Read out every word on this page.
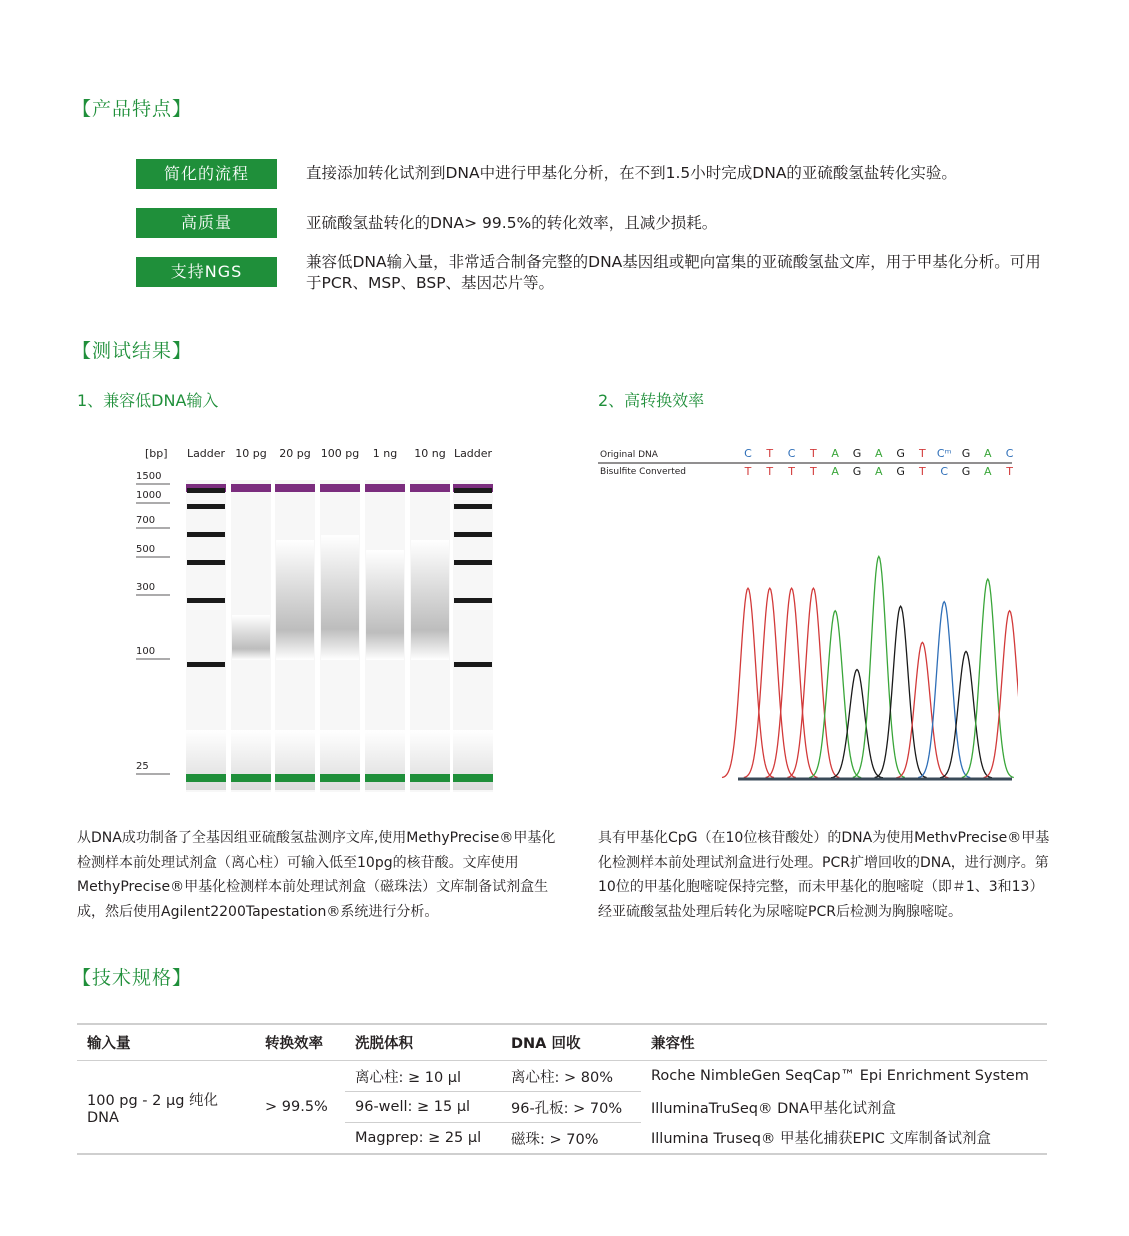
【产品特点】
简化的流程	直接添加转化试剂到DNA中进行甲基化分析，在不到1.5小时完成DNA的亚硫酸氢盐转化实验。
高质量	亚硫酸氢盐转化的DNA> 99.5%的转化效率，且减少损耗。
支持NGS	兼容低DNA输入量，非常适合制备完整的DNA基因组或靶向富集的亚硫酸氢盐文库，用于甲基化分析。可用于PCR、MSP、BSP、基因芯片等。
【测试结果】
1、兼容低DNA输入	2、高转换效率
[bp] Ladder 10 pg 20 pg 100 pg 1 ng 10 ng Ladder
1500
1000
700
500
300
100
25
Original DNA
Bisulfite Converted
C T C T A G A G T Cᵐ G A C
T T T T A G A G T C G A T
从DNA成功制备了全基因组亚硫酸氢盐测序文库,使用MethyPrecise®甲基化检测样本前处理试剂盒（离心柱）可输入低至10pg的核苷酸。文库使用MethyPrecise®甲基化检测样本前处理试剂盒（磁珠法）文库制备试剂盒生成，然后使用Agilent2200Tapestation®系统进行分析。
具有甲基化CpG（在10位核苷酸处）的DNA为使用MethvPrecise®甲基化检测样本前处理试剂盒进行处理。PCR扩增回收的DNA，进行测序。第10位的甲基化胞嘧啶保持完整，而未甲基化的胞嘧啶（即＃1、3和13）经亚硫酸氢盐处理后转化为尿嘧啶PCR后检测为胸腺嘧啶。
【技术规格】
输入量	转换效率	洗脱体积	DNA 回收	兼容性
100 pg - 2 µg 纯化DNA	> 99.5%	离心柱: ≥ 10 µl	离心柱: > 80%	Roche NimbleGen SeqCap™ Epi Enrichment System
		96-well: ≥ 15 µl	96-孔板: > 70%	IlluminaTruSeq® DNA甲基化试剂盒
		Magprep: ≥ 25 µl	磁珠: > 70%	Illumina Truseq® 甲基化捕获EPIC 文库制备试剂盒
